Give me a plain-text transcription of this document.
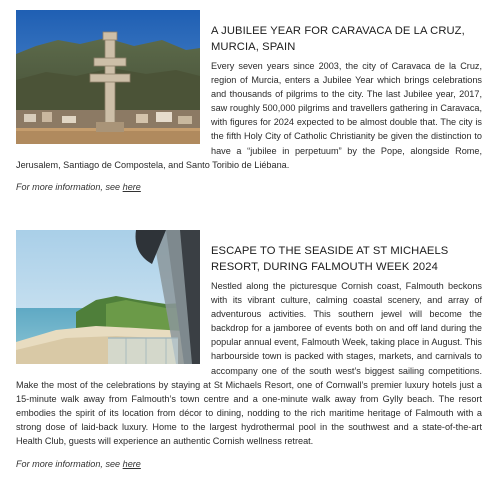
A JUBILEE YEAR FOR CARAVACA DE LA CRUZ, MURCIA, SPAIN

Every seven years since 2003, the city of Caravaca de la Cruz, region of Murcia, enters a Jubilee Year which brings celebrations and thousands of pilgrims to the city. The last Jubilee year, 2017, saw roughly 500,000 pilgrims and travellers gathering in Caravaca, with figures for 2024 expected to be almost double that. The city is the fifth Holy City of Catholic Christianity be given the distinction to have a “jubilee in perpetuum” by the Pope, alongside Rome, Jerusalem, Santiago de Compostela, and Santo Toribio de Liébana.

For more information, see here

ESCAPE TO THE SEASIDE AT ST MICHAELS RESORT, DURING FALMOUTH WEEK 2024

Nestled along the picturesque Cornish coast, Falmouth beckons with its vibrant culture, calming coastal scenery, and array of adventurous activities. This southern jewel will become the backdrop for a jamboree of events both on and off land during the popular annual event, Falmouth Week, taking place in August. This harbourside town is packed with stages, markets, and carnivals to accompany one of the south west’s biggest sailing competitions. Make the most of the celebrations by staying at St Michaels Resort, one of Cornwall’s premier luxury hotels just a 15-minute walk away from Falmouth’s town centre and a one-minute walk away from Gylly beach. The resort embodies the spirit of its location from décor to dining, nodding to the rich maritime heritage of Falmouth with a strong dose of laid-back luxury. Home to the largest hydrothermal pool in the southwest and a state-of-the-art Health Club, guests will experience an authentic Cornish wellness retreat.

For more information, see here
